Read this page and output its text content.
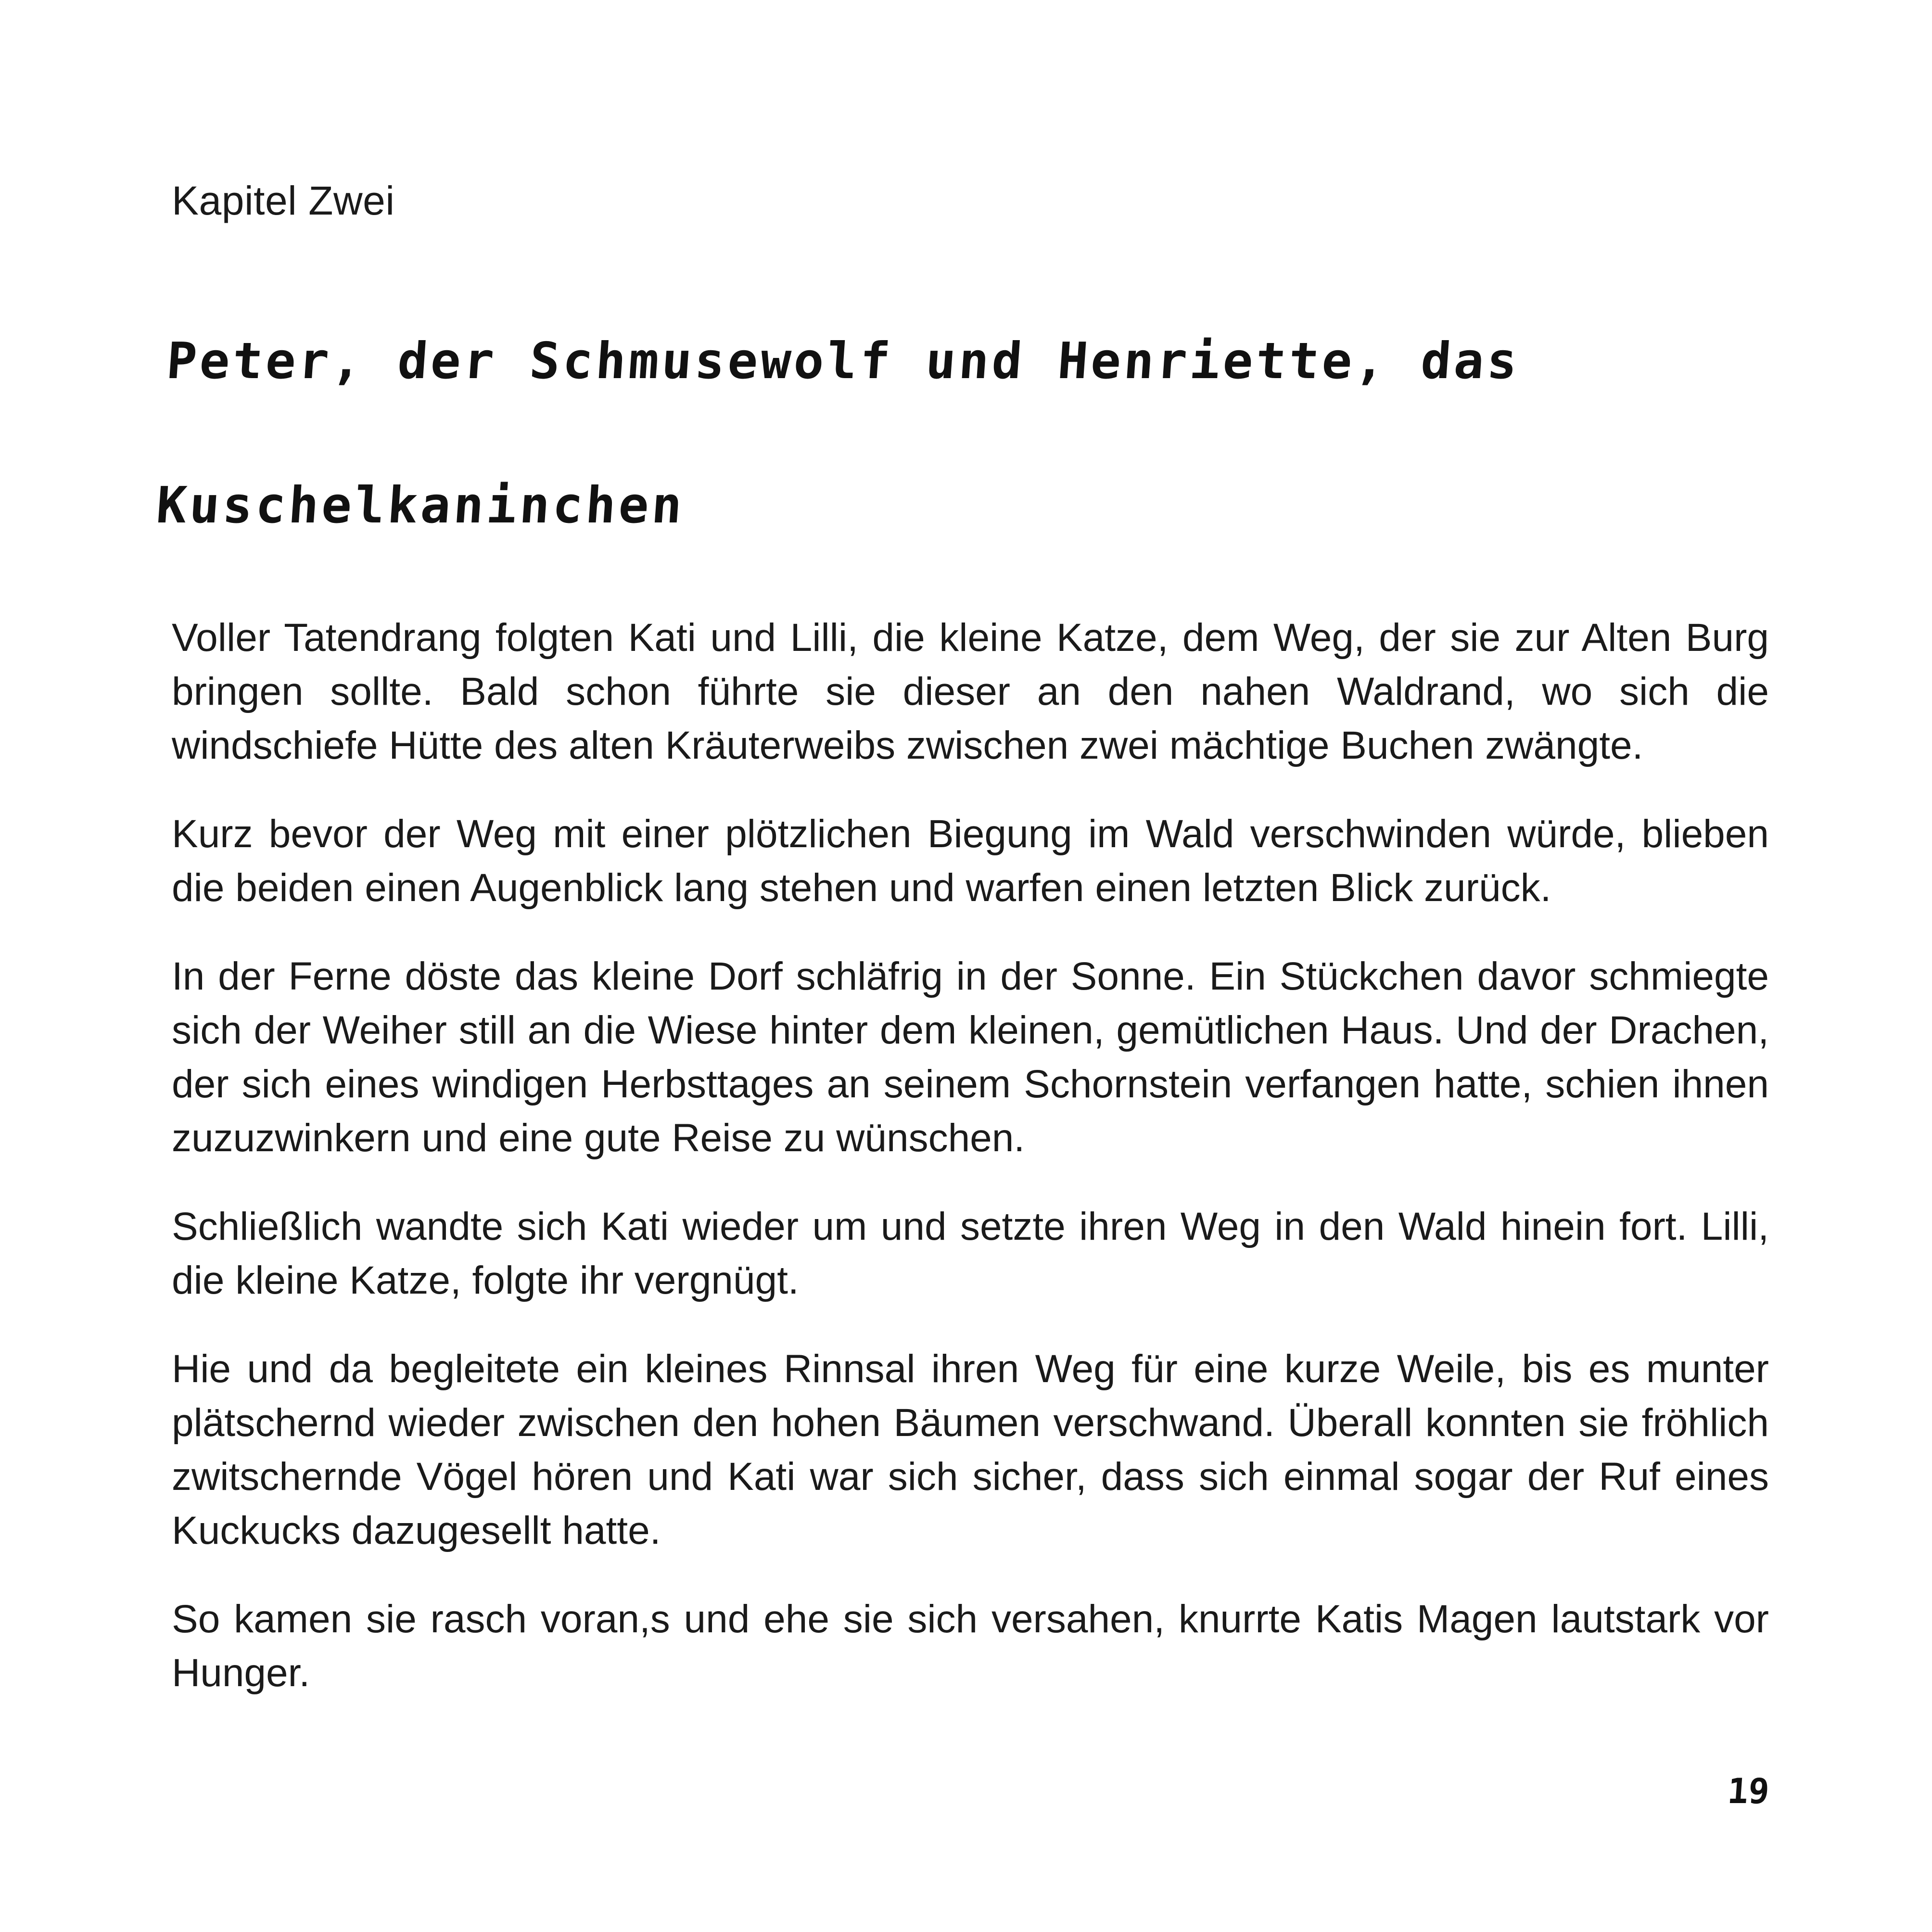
Kapitel Zwei
Peter, der Schmusewolf und Henriette, das
Kuschelkaninchen

Voller Tatendrang folgten Kati und Lilli, die kleine Katze, dem Weg, der sie zur Alten Burg bringen sollte. Bald schon führte sie dieser an den nahen Waldrand, wo sich die windschiefe Hütte des alten Kräuterweibs zwischen zwei mächtige Buchen zwängte.

Kurz bevor der Weg mit einer plötzlichen Biegung im Wald verschwinden würde, blieben die beiden einen Augenblick lang stehen und warfen einen letzten Blick zurück.

In der Ferne döste das kleine Dorf schläfrig in der Sonne. Ein Stückchen davor schmiegte sich der Weiher still an die Wiese hinter dem kleinen, gemütlichen Haus. Und der Drachen, der sich eines windigen Herbsttages an seinem Schornstein verfangen hatte, schien ihnen zuzuzwinkern und eine gute Reise zu wünschen.

Schließlich wandte sich Kati wieder um und setzte ihren Weg in den Wald hinein fort. Lilli, die kleine Katze, folgte ihr vergnügt.

Hie und da begleitete ein kleines Rinnsal ihren Weg für eine kurze Weile, bis es munter plätschernd wieder zwischen den hohen Bäumen verschwand. Überall konnten sie fröhlich zwitschernde Vögel hören und Kati war sich sicher, dass sich einmal sogar der Ruf eines Kuckucks dazugesellt hatte.

So kamen sie rasch voran,s und ehe sie sich versahen, knurrte Katis Magen lautstark vor Hunger.

19
